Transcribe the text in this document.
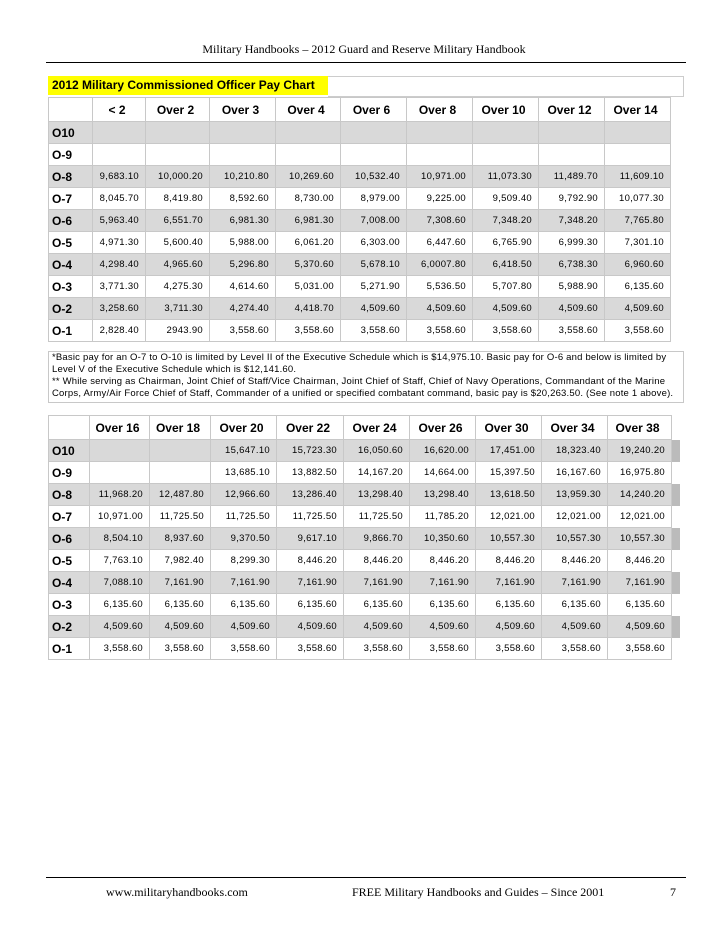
Military Handbooks – 2012 Guard and Reserve Military Handbook
2012 Military Commissioned Officer Pay Chart
	< 2	Over 2	Over 3	Over 4	Over 6	Over 8	Over 10	Over 12	Over 14
O10									
O-9									
O-8	9,683.10	10,000.20	10,210.80	10,269.60	10,532.40	10,971.00	11,073.30	11,489.70	11,609.10
O-7	8,045.70	8,419.80	8,592.60	8,730.00	8,979.00	9,225.00	9,509.40	9,792.90	10,077.30
O-6	5,963.40	6,551.70	6,981.30	6,981.30	7,008.00	7,308.60	7,348.20	7,348.20	7,765.80
O-5	4,971.30	5,600.40	5,988.00	6,061.20	6,303.00	6,447.60	6,765.90	6,999.30	7,301.10
O-4	4,298.40	4,965.60	5,296.80	5,370.60	5,678.10	6,0007.80	6,418.50	6,738.30	6,960.60
O-3	3,771.30	4,275.30	4,614.60	5,031.00	5,271.90	5,536.50	5,707.80	5,988.90	6,135.60
O-2	3,258.60	3,711.30	4,274.40	4,418.70	4,509.60	4,509.60	4,509.60	4,509.60	4,509.60
O-1	2,828.40	2943.90	3,558.60	3,558.60	3,558.60	3,558.60	3,558.60	3,558.60	3,558.60
*Basic pay for an O-7 to O-10 is limited by Level II of the Executive Schedule which is $14,975.10. Basic pay for O-6 and below is limited by Level V of the Executive Schedule which is $12,141.60.
** While serving as Chairman, Joint Chief of Staff/Vice Chairman, Joint Chief of Staff, Chief of Navy Operations, Commandant of the Marine Corps, Army/Air Force Chief of Staff, Commander of a unified or specified combatant command, basic pay is $20,263.50. (See note 1 above).
	Over 16	Over 18	Over 20	Over 22	Over 24	Over 26	Over 30	Over 34	Over 38	
O10			15,647.10	15,723.30	16,050.60	16,620.00	17,451.00	18,323.40	19,240.20	
O-9			13,685.10	13,882.50	14,167.20	14,664.00	15,397.50	16,167.60	16,975.80	
O-8	11,968.20	12,487.80	12,966.60	13,286.40	13,298.40	13,298.40	13,618.50	13,959.30	14,240.20	
O-7	10,971.00	11,725.50	11,725.50	11,725.50	11,725.50	11,785.20	12,021.00	12,021.00	12,021.00	
O-6	8,504.10	8,937.60	9,370.50	9,617.10	9,866.70	10,350.60	10,557.30	10,557.30	10,557.30	
O-5	7,763.10	7,982.40	8,299.30	8,446.20	8,446.20	8,446.20	8,446.20	8,446.20	8,446.20	
O-4	7,088.10	7,161.90	7,161.90	7,161.90	7,161.90	7,161.90	7,161.90	7,161.90	7,161.90	
O-3	6,135.60	6,135.60	6,135.60	6,135.60	6,135.60	6,135.60	6,135.60	6,135.60	6,135.60	
O-2	4,509.60	4,509.60	4,509.60	4,509.60	4,509.60	4,509.60	4,509.60	4,509.60	4,509.60	
O-1	3,558.60	3,558.60	3,558.60	3,558.60	3,558.60	3,558.60	3,558.60	3,558.60	3,558.60	
www.militaryhandbooks.com	FREE Military Handbooks and Guides – Since 2001	7
